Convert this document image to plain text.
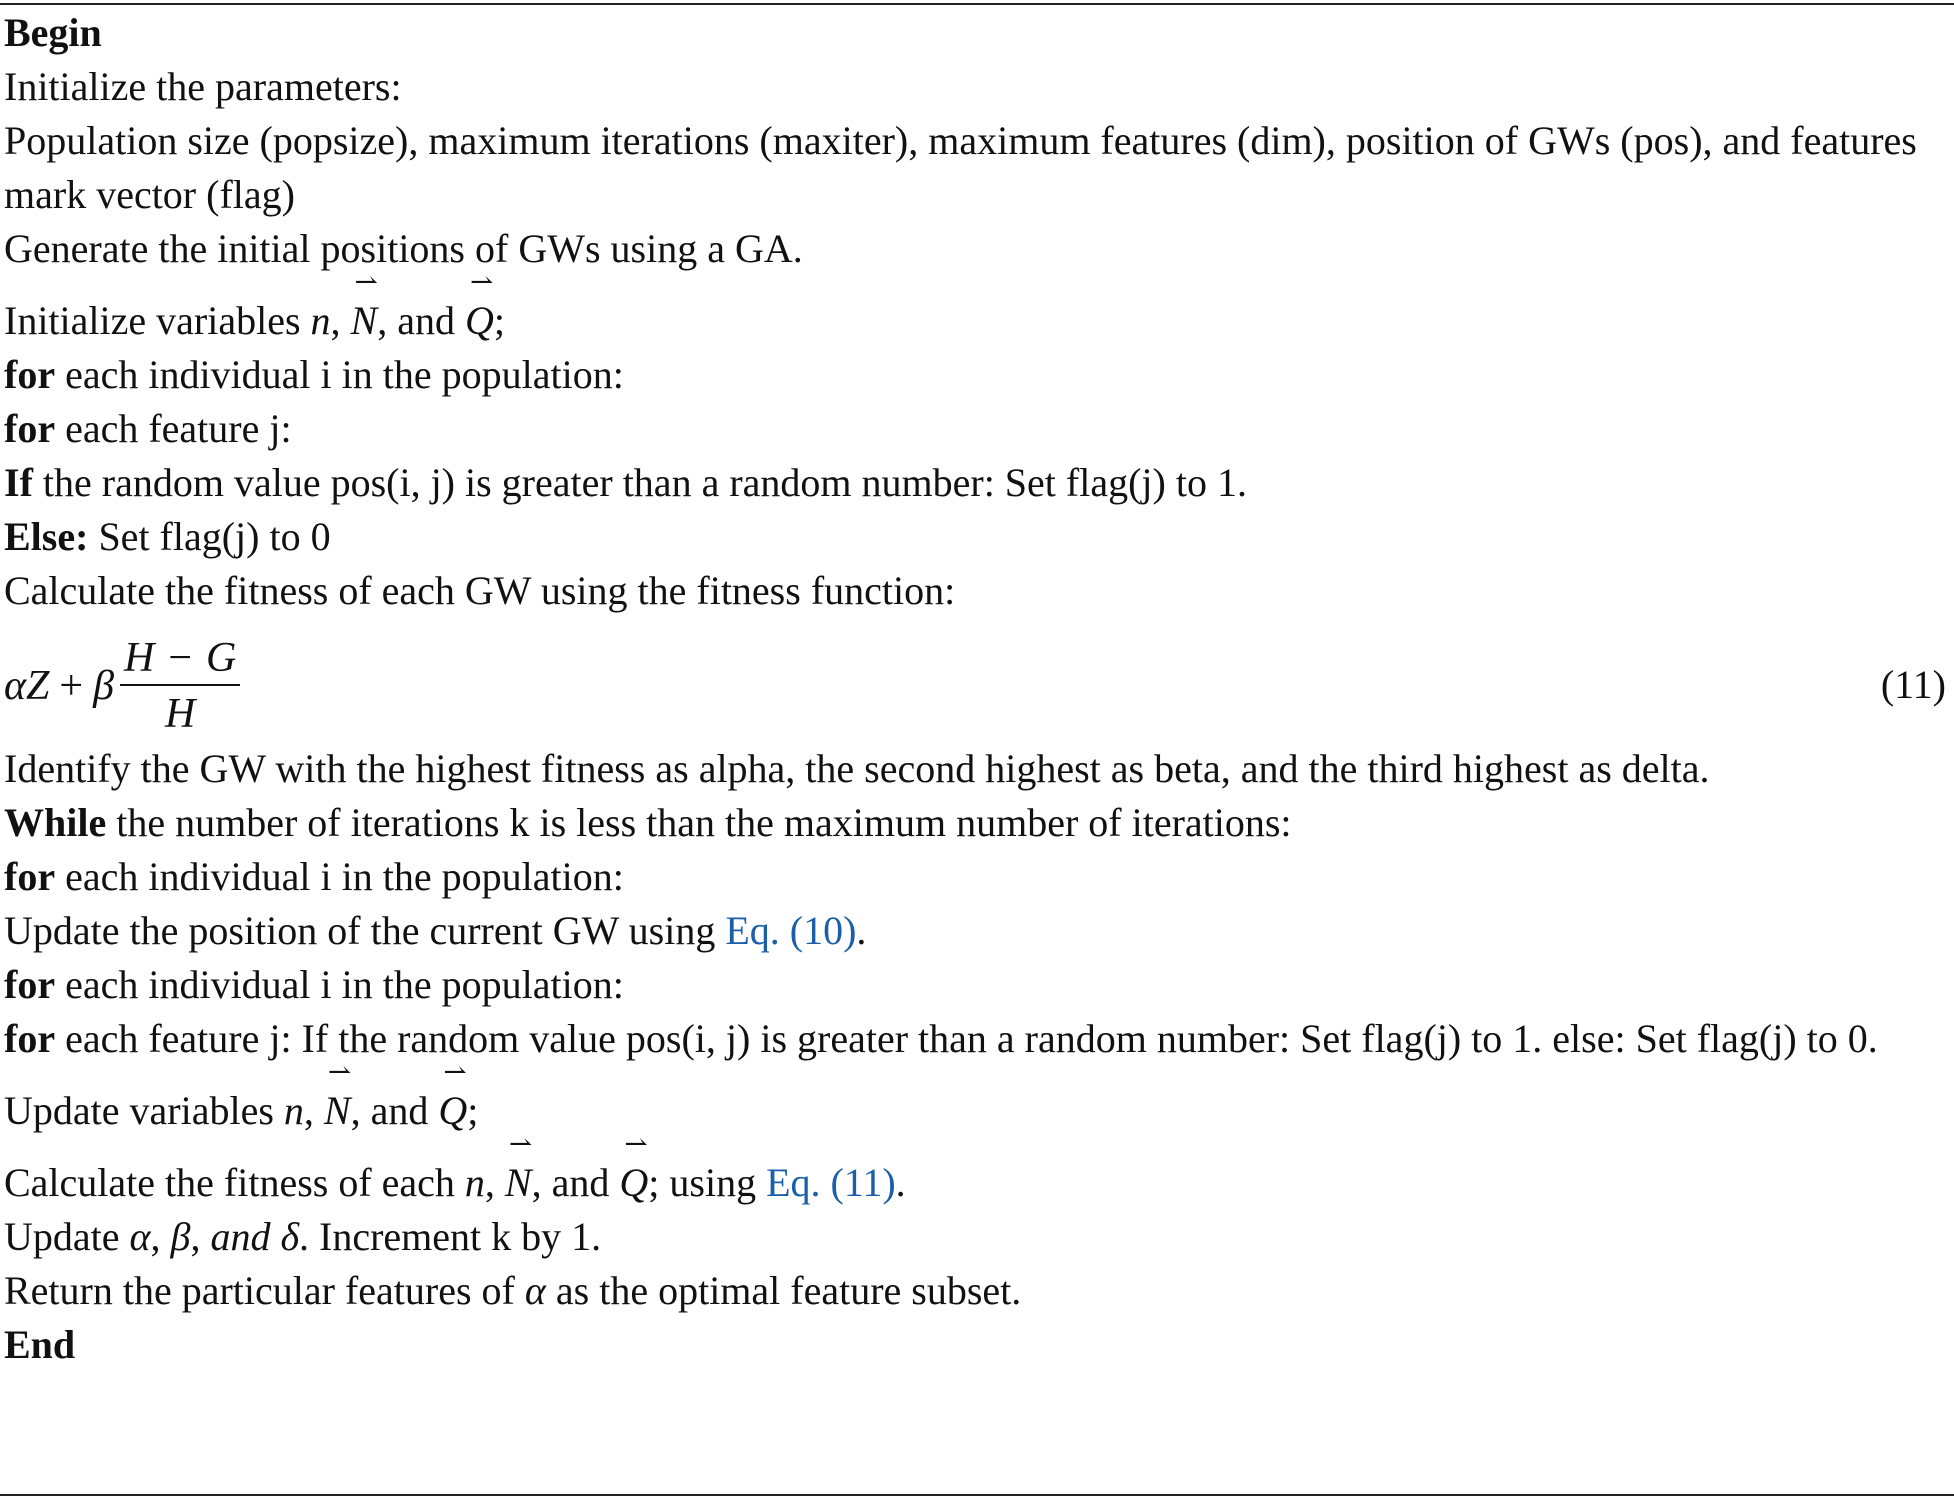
Begin
Initialize the parameters:
Population size (popsize), maximum iterations (maxiter), maximum features (dim), position of GWs (pos), and features mark vector (flag)
Generate the initial positions of GWs using a GA.
Initialize variables n,
⇀
N, and
⇀
Q;
for each individual i in the population:
for each feature j:
If the random value pos(i, j) is greater than a random number: Set flag(j) to 1.
Else: Set flag(j) to 0
Calculate the fitness of each GW using the fitness function:
α Z + β $\frac{H - G}{H}$	(11)
Identify the GW with the highest fitness as alpha, the second highest as beta, and the third highest as delta.
While the number of iterations k is less than the maximum number of iterations:
for each individual i in the population:
Update the position of the current GW using Eq. (10).
for each individual i in the population:
for each feature j: If the random value pos(i, j) is greater than a random number: Set flag(j) to 1. else: Set flag(j) to 0.
Update variables n,
⇀
N, and
⇀
Q;
Calculate the fitness of each n,
⇀
N, and
⇀
Q; using Eq. (11).
Update α, β, and δ. Increment k by 1.
Return the particular features of α as the optimal feature subset.
End
